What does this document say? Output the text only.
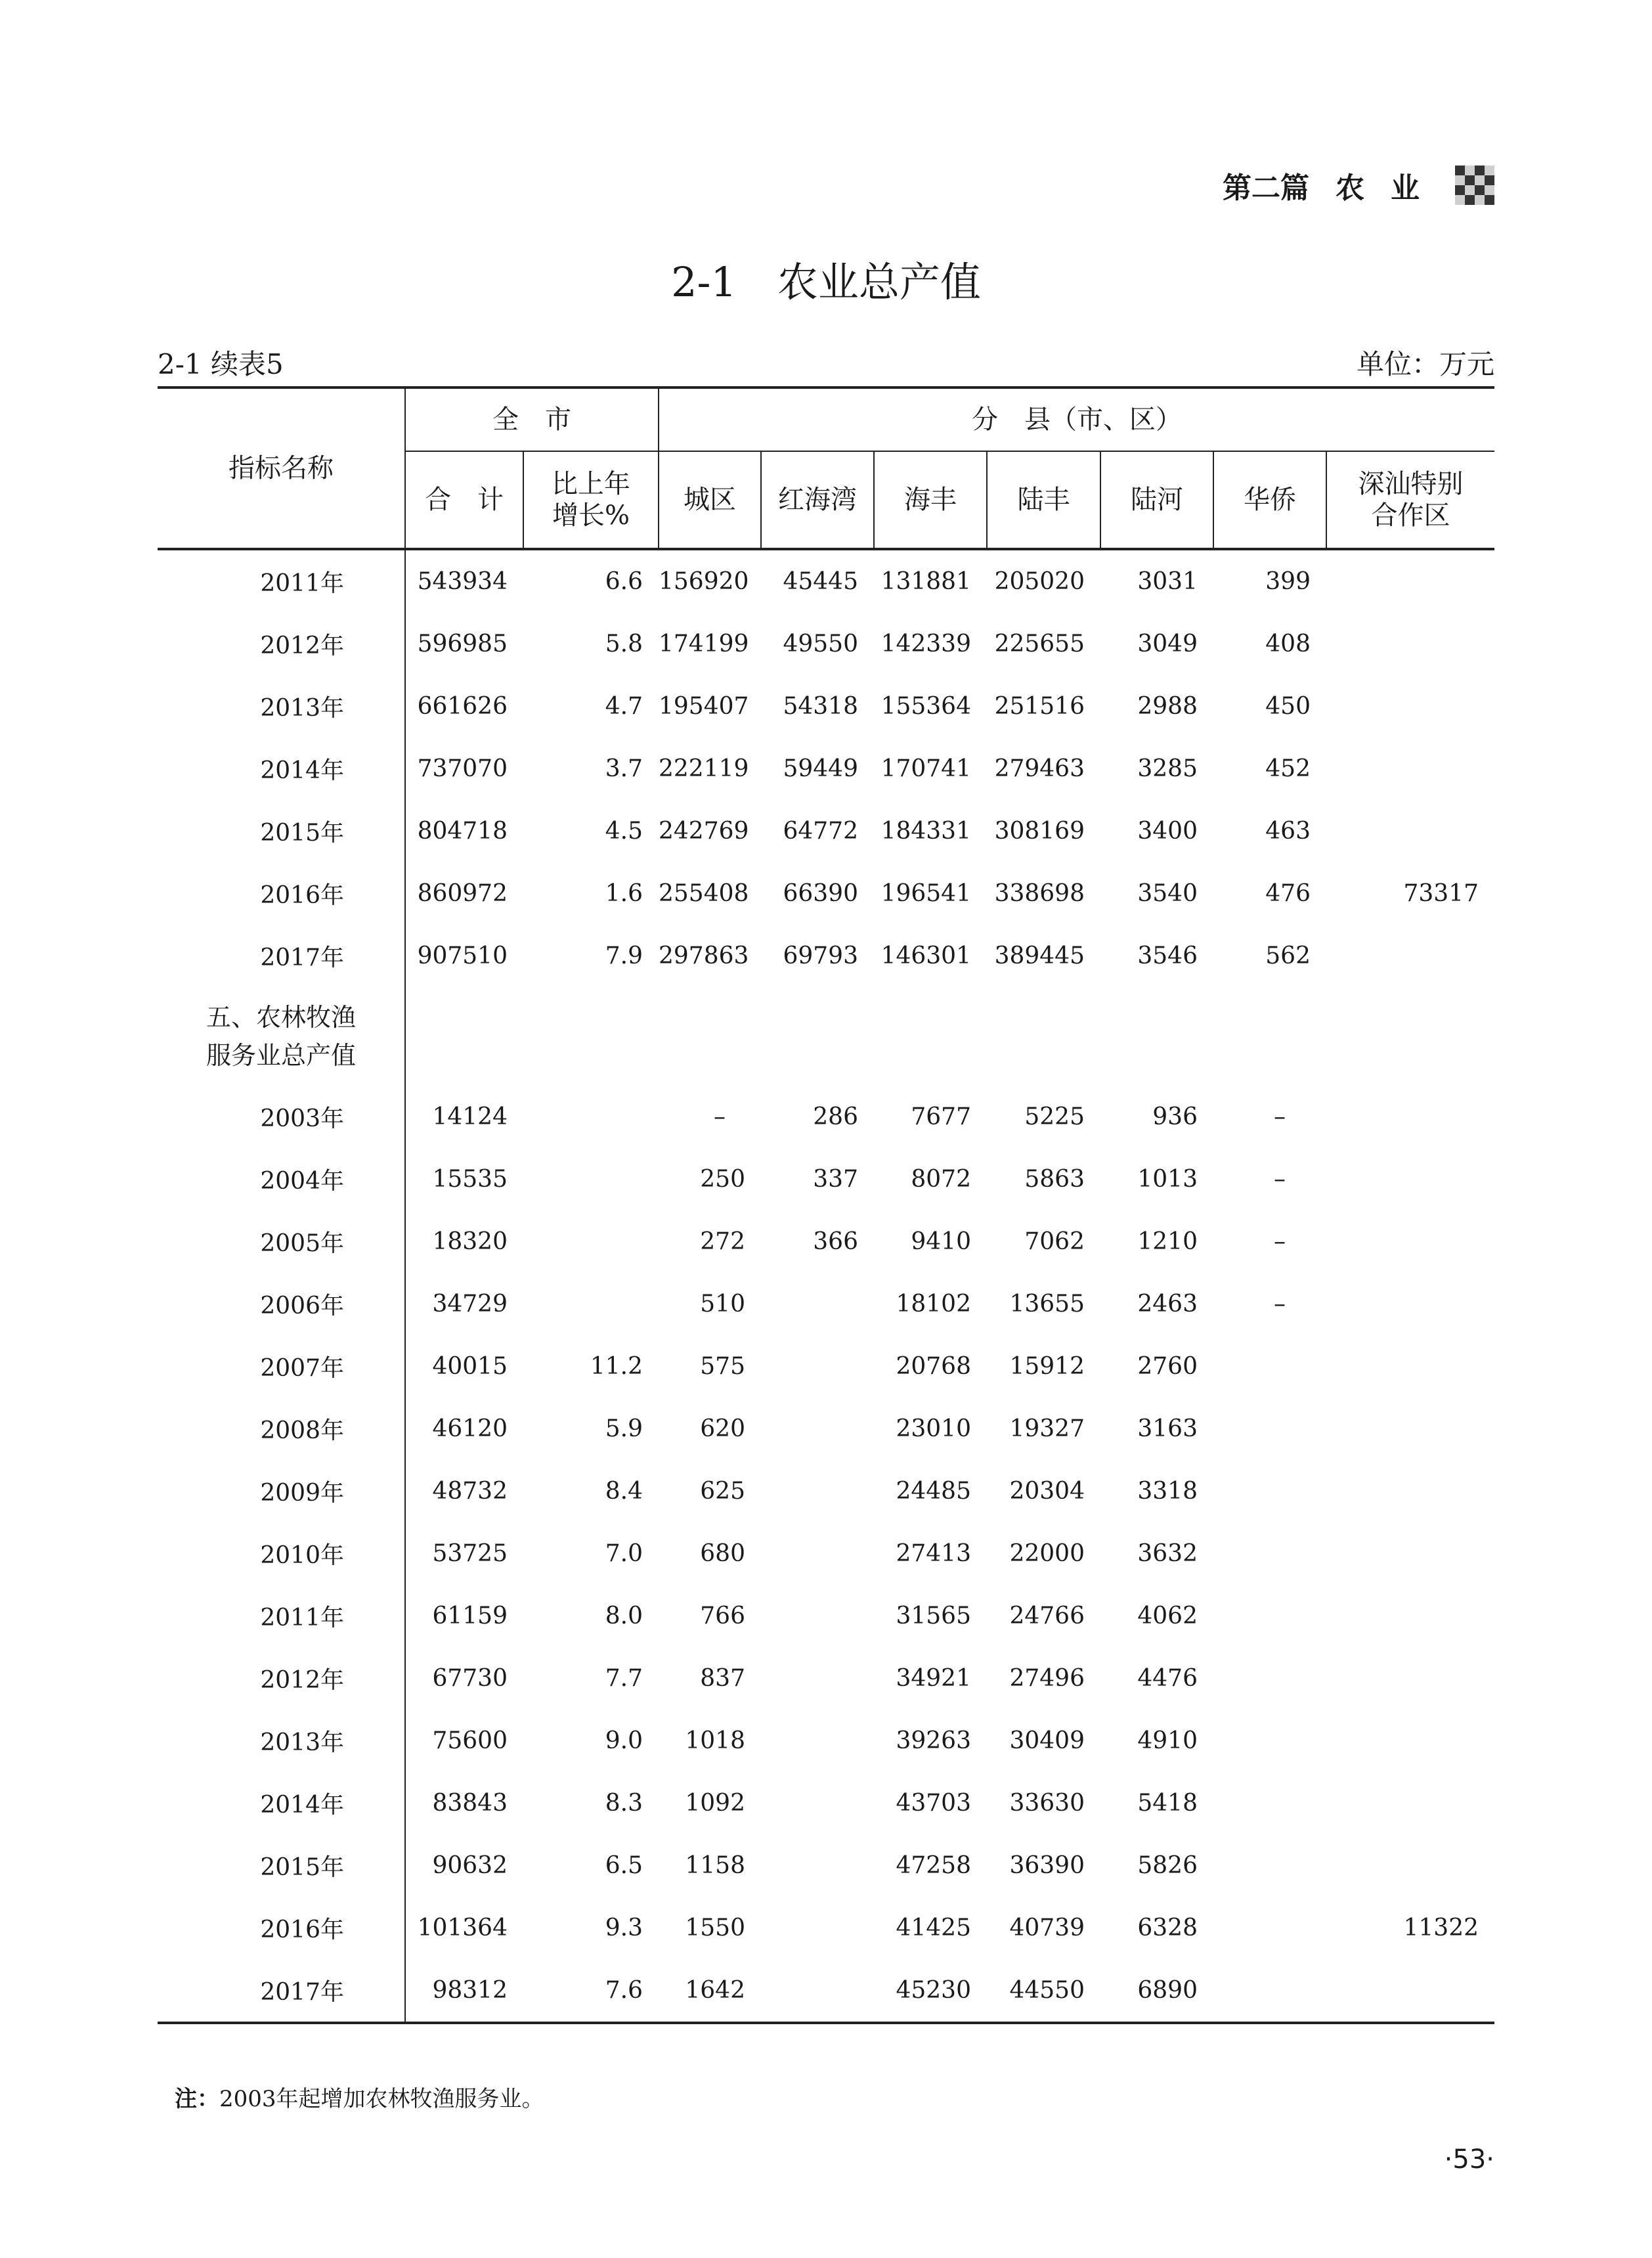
第二篇 农业
2-1　农业总产值
2-1 续表5	单位：万元
指标名称	全　市		分　县（市、区）						
	合　计	比上年增长%	城区	红海湾	海丰	陆丰	陆河	华侨	深汕特别合作区
2011年	543934	6.6	156920	45445	131881	205020	3031	399	
2012年	596985	5.8	174199	49550	142339	225655	3049	408	
2013年	661626	4.7	195407	54318	155364	251516	2988	450	
2014年	737070	3.7	222119	59449	170741	279463	3285	452	
2015年	804718	4.5	242769	64772	184331	308169	3400	463	
2016年	860972	1.6	255408	66390	196541	338698	3540	476	73317
2017年	907510	7.9	297863	69793	146301	389445	3546	562	
五、农林牧渔服务业总产值									
2003年	14124		–	286	7677	5225	936	–	
2004年	15535		250	337	8072	5863	1013	–	
2005年	18320		272	366	9410	7062	1210	–	
2006年	34729		510		18102	13655	2463	–	
2007年	40015	11.2	575		20768	15912	2760		
2008年	46120	5.9	620		23010	19327	3163		
2009年	48732	8.4	625		24485	20304	3318		
2010年	53725	7.0	680		27413	22000	3632		
2011年	61159	8.0	766		31565	24766	4062		
2012年	67730	7.7	837		34921	27496	4476		
2013年	75600	9.0	1018		39263	30409	4910		
2014年	83843	8.3	1092		43703	33630	5418		
2015年	90632	6.5	1158		47258	36390	5826		
2016年	101364	9.3	1550		41425	40739	6328		11322
2017年	98312	7.6	1642		45230	44550	6890		
注：2003年起增加农林牧渔服务业。
·53·
